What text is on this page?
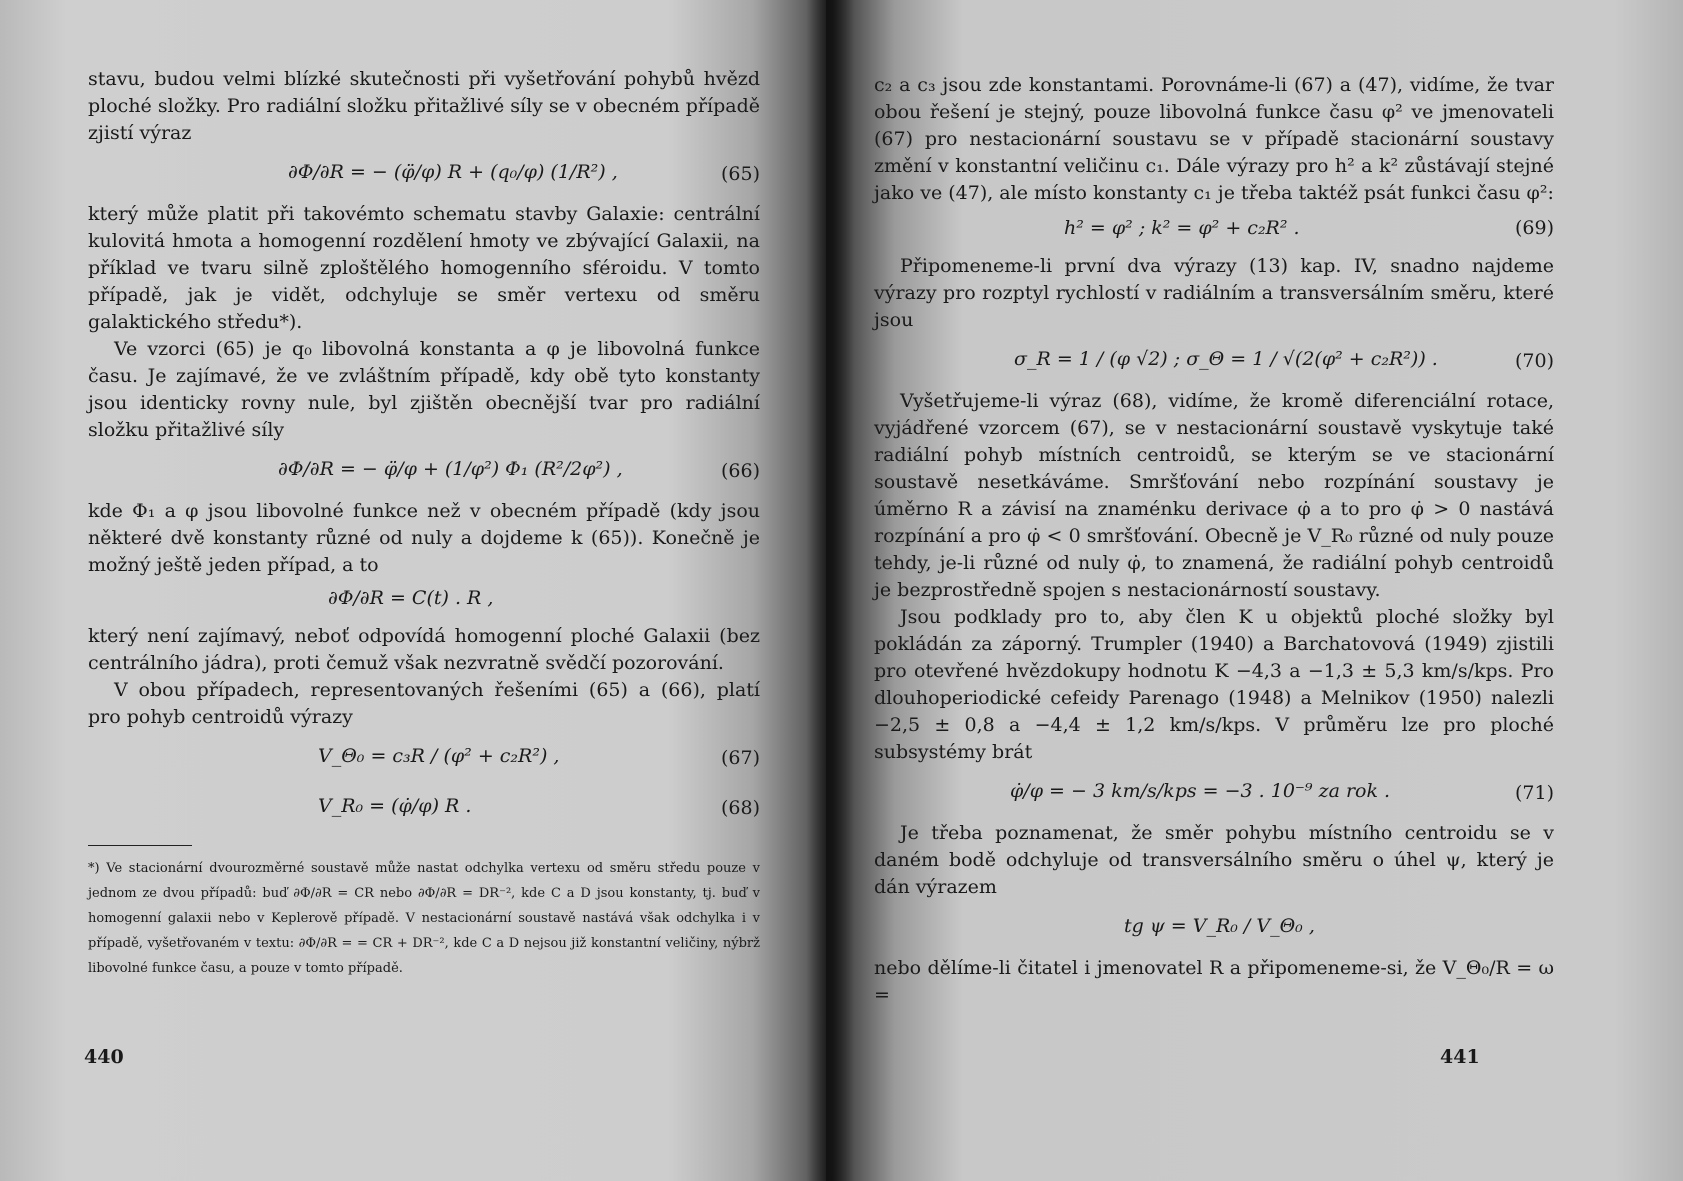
stavu, budou velmi blízké skutečnosti při vyšetřování pohybů hvězd ploché složky. Pro radiální složku přitažlivé síly se v obecném případě zjistí výraz

∂Φ/∂R = − (φ̈/φ) R + (q₀/φ) (1/R²) ,	(65)

který může platit při takovémto schematu stavby Galaxie: centrální kulovitá hmota a homogenní rozdělení hmoty ve zbývající Galaxii, na příklad ve tvaru silně zploštělého homogenního sféroidu. V tomto případě, jak je vidět, odchyluje se směr vertexu od směru galaktického středu*).

Ve vzorci (65) je q₀ libovolná konstanta a φ je libovolná funkce času. Je zajímavé, že ve zvláštním případě, kdy obě tyto konstanty jsou identicky rovny nule, byl zjištěn obecnější tvar pro radiální složku přitažlivé síly

∂Φ/∂R = − φ̈/φ + (1/φ²) Φ₁ (R²/2φ²) ,	(66)

kde Φ₁ a φ jsou libovolné funkce než v obecném případě (kdy jsou některé dvě konstanty různé od nuly a dojdeme k (65)). Konečně je možný ještě jeden případ, a to

∂Φ/∂R = C(t) . R ,

který není zajímavý, neboť odpovídá homogenní ploché Galaxii (bez centrálního jádra), proti čemuž však nezvratně svědčí pozorování.

V obou případech, representovaných řešeními (65) a (66), platí pro pohyb centroidů výrazy

V_Θ₀ = c₃R / (φ² + c₂R²) ,	(67)
V_R₀ = (φ̇/φ) R .	(68)

*) Ve stacionární dvourozměrné soustavě může nastat odchylka vertexu od směru středu pouze v jednom ze dvou případů: buď ∂Φ/∂R = CR nebo ∂Φ/∂R = DR⁻², kde C a D jsou konstanty, tj. buď v homogenní galaxii nebo v Keplerově případě. V nestacionární soustavě nastává však odchylka i v případě, vyšetřovaném v textu: ∂Φ/∂R = = CR + DR⁻², kde C a D nejsou již konstantní veličiny, nýbrž libovolné funkce času, a pouze v tomto případě.

440

c₂ a c₃ jsou zde konstantami. Porovnáme-li (67) a (47), vidíme, že tvar obou řešení je stejný, pouze libovolná funkce času φ² ve jmenovateli (67) pro nestacionární soustavu se v případě stacionární soustavy změní v konstantní veličinu c₁. Dále výrazy pro h² a k² zůstávají stejné jako ve (47), ale místo konstanty c₁ je třeba taktéž psát funkci času φ²:

h² = φ² ; k² = φ² + c₂R² .	(69)

Připomeneme-li první dva výrazy (13) kap. IV, snadno najdeme výrazy pro rozptyl rychlostí v radiálním a transversálním směru, které jsou

σ_R = 1 / (φ √2) ; σ_Θ = 1 / √(2(φ² + c₂R²)) .	(70)

Vyšetřujeme-li výraz (68), vidíme, že kromě diferenciální rotace, vyjádřené vzorcem (67), se v nestacionární soustavě vyskytuje také radiální pohyb místních centroidů, se kterým se ve stacionární soustavě nesetkáváme. Smršťování nebo rozpínání soustavy je úměrno R a závisí na znaménku derivace φ̇ a to pro φ̇ > 0 nastává rozpínání a pro φ̇ < 0 smršťování. Obecně je V_R₀ různé od nuly pouze tehdy, je-li různé od nuly φ̇, to znamená, že radiální pohyb centroidů je bezprostředně spojen s nestacionárností soustavy.

Jsou podklady pro to, aby člen K u objektů ploché složky byl pokládán za záporný. Trumpler (1940) a Barchatovová (1949) zjistili pro otevřené hvězdokupy hodnotu K −4,3 a −1,3 ± 5,3 km/s/kps. Pro dlouhoperiodické cefeidy Parenago (1948) a Melnikov (1950) nalezli −2,5 ± 0,8 a −4,4 ± 1,2 km/s/kps. V průměru lze pro ploché subsystémy brát

φ̇/φ = − 3 km/s/kps = −3 . 10⁻⁹ za rok .	(71)

Je třeba poznamenat, že směr pohybu místního centroidu se v daném bodě odchyluje od transversálního směru o úhel ψ, který je dán výrazem

tg ψ = V_R₀ / V_Θ₀ ,

nebo dělíme-li čitatel i jmenovatel R a připomeneme-si, že V_Θ₀/R = ω =

441
